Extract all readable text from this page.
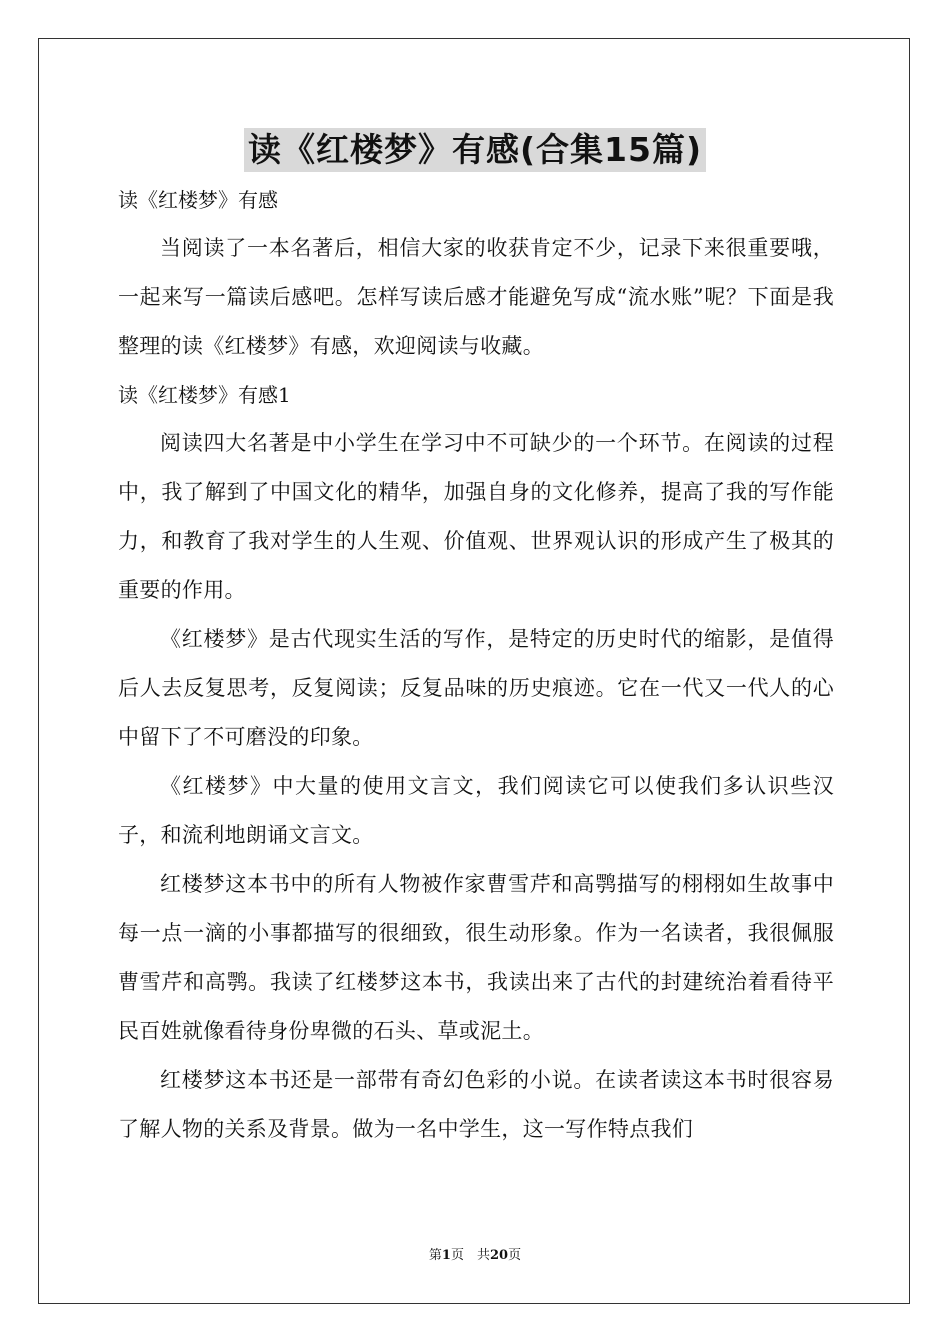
读《红楼梦》有感(合集15篇)

读《红楼梦》有感

当阅读了一本名著后，相信大家的收获肯定不少，记录下来很重要哦，一起来写一篇读后感吧。怎样写读后感才能避免写成“流水账”呢？下面是我整理的读《红楼梦》有感，欢迎阅读与收藏。

读《红楼梦》有感1

阅读四大名著是中小学生在学习中不可缺少的一个环节。在阅读的过程中，我了解到了中国文化的精华，加强自身的文化修养，提高了我的写作能力，和教育了我对学生的人生观、价值观、世界观认识的形成产生了极其的重要的作用。

《红楼梦》是古代现实生活的写作，是特定的历史时代的缩影，是值得后人去反复思考，反复阅读；反复品味的历史痕迹。它在一代又一代人的心中留下了不可磨没的印象。

《红楼梦》中大量的使用文言文，我们阅读它可以使我们多认识些汉子，和流利地朗诵文言文。

红楼梦这本书中的所有人物被作家曹雪芹和高鹗描写的栩栩如生故事中每一点一滴的小事都描写的很细致，很生动形象。作为一名读者，我很佩服曹雪芹和高鹗。我读了红楼梦这本书，我读出来了古代的封建统治着看待平民百姓就像看待身份卑微的石头、草或泥土。

红楼梦这本书还是一部带有奇幻色彩的小说。在读者读这本书时很容易了解人物的关系及背景。做为一名中学生，这一写作特点我们

第1页　共20页
